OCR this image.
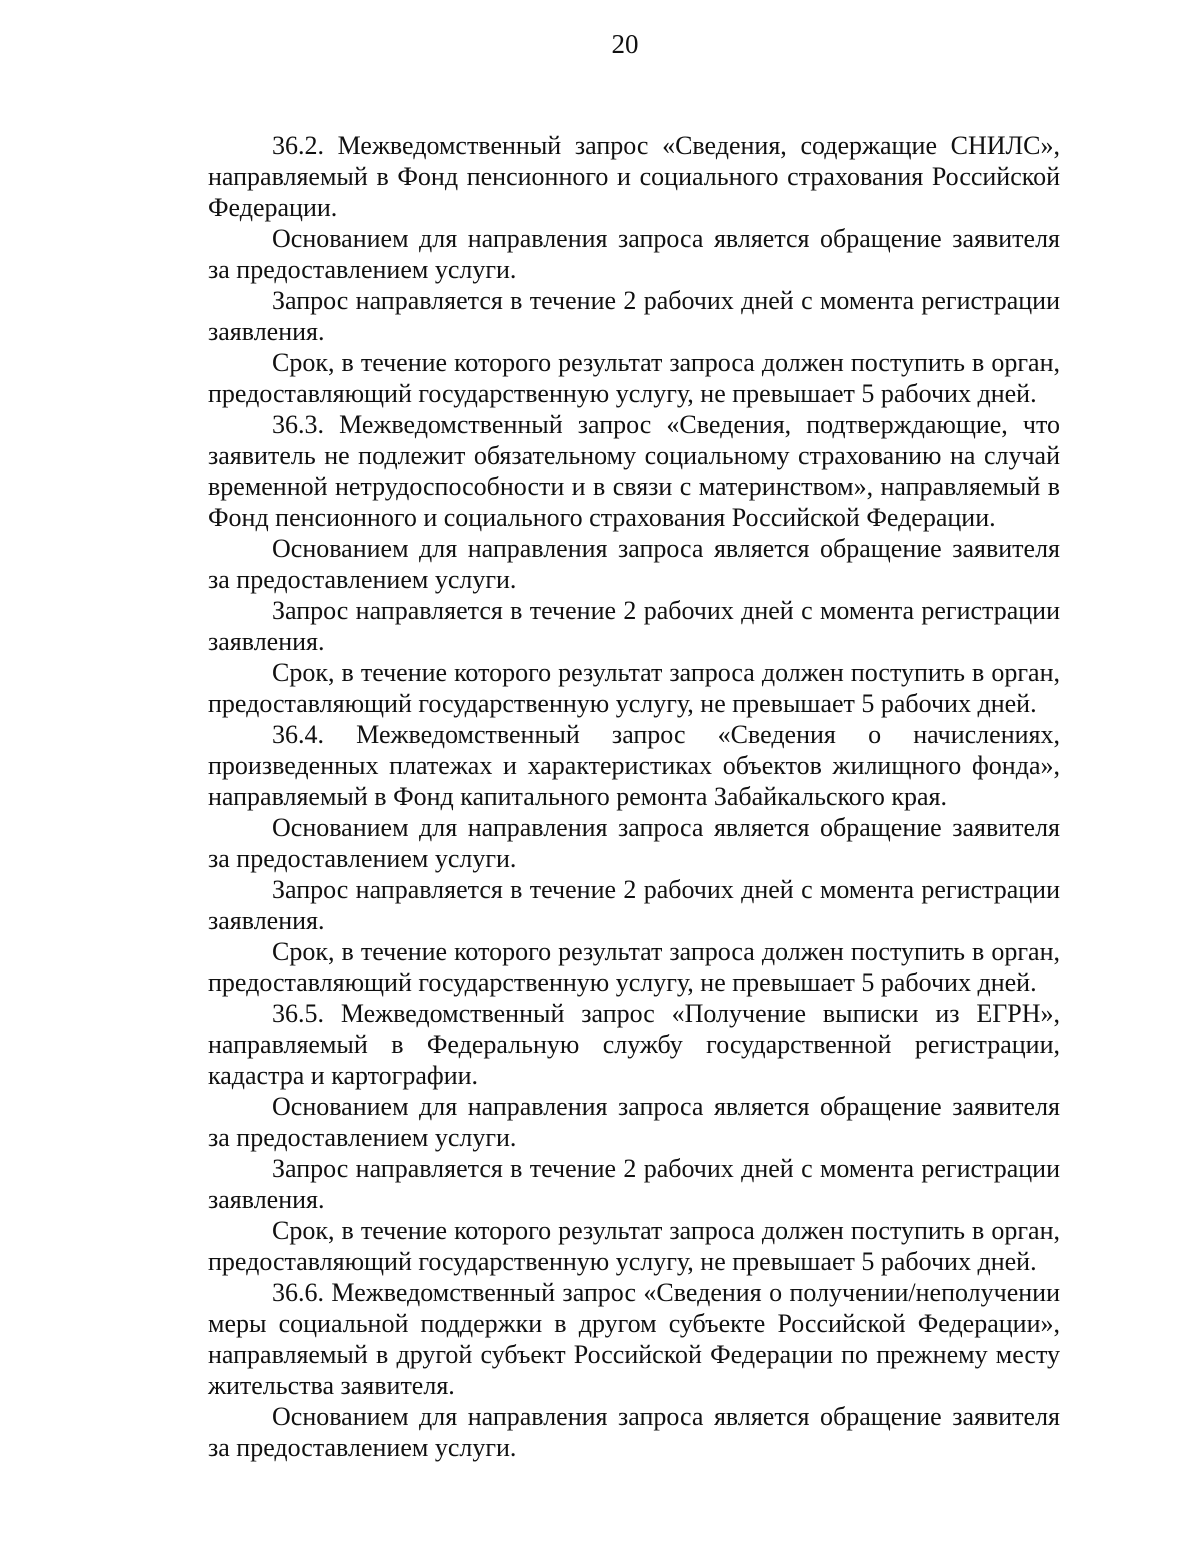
20

36.2. Межведомственный запрос «Сведения, содержащие СНИЛС», направляемый в Фонд пенсионного и социального страхования Российской Федерации.

Основанием для направления запроса является обращение заявителя за предоставлением услуги.

Запрос направляется в течение 2 рабочих дней с момента регистрации заявления.

Срок, в течение которого результат запроса должен поступить в орган, предоставляющий государственную услугу, не превышает 5 рабочих дней.

36.3. Межведомственный запрос «Сведения, подтверждающие, что заявитель не подлежит обязательному социальному страхованию на случай временной нетрудоспособности и в связи с материнством», направляемый в Фонд пенсионного и социального страхования Российской Федерации.

Основанием для направления запроса является обращение заявителя за предоставлением услуги.

Запрос направляется в течение 2 рабочих дней с момента регистрации заявления.

Срок, в течение которого результат запроса должен поступить в орган, предоставляющий государственную услугу, не превышает 5 рабочих дней.

36.4. Межведомственный запрос «Сведения о начислениях, произведенных платежах и характеристиках объектов жилищного фонда», направляемый в Фонд капитального ремонта Забайкальского края.

Основанием для направления запроса является обращение заявителя за предоставлением услуги.

Запрос направляется в течение 2 рабочих дней с момента регистрации заявления.

Срок, в течение которого результат запроса должен поступить в орган, предоставляющий государственную услугу, не превышает 5 рабочих дней.

36.5. Межведомственный запрос «Получение выписки из ЕГРН», направляемый в Федеральную службу государственной регистрации, кадастра и картографии.

Основанием для направления запроса является обращение заявителя за предоставлением услуги.

Запрос направляется в течение 2 рабочих дней с момента регистрации заявления.

Срок, в течение которого результат запроса должен поступить в орган, предоставляющий государственную услугу, не превышает 5 рабочих дней.

36.6. Межведомственный запрос «Сведения о получении/неполучении меры социальной поддержки в другом субъекте Российской Федерации», направляемый в другой субъект Российской Федерации по прежнему месту жительства заявителя.

Основанием для направления запроса является обращение заявителя за предоставлением услуги.
